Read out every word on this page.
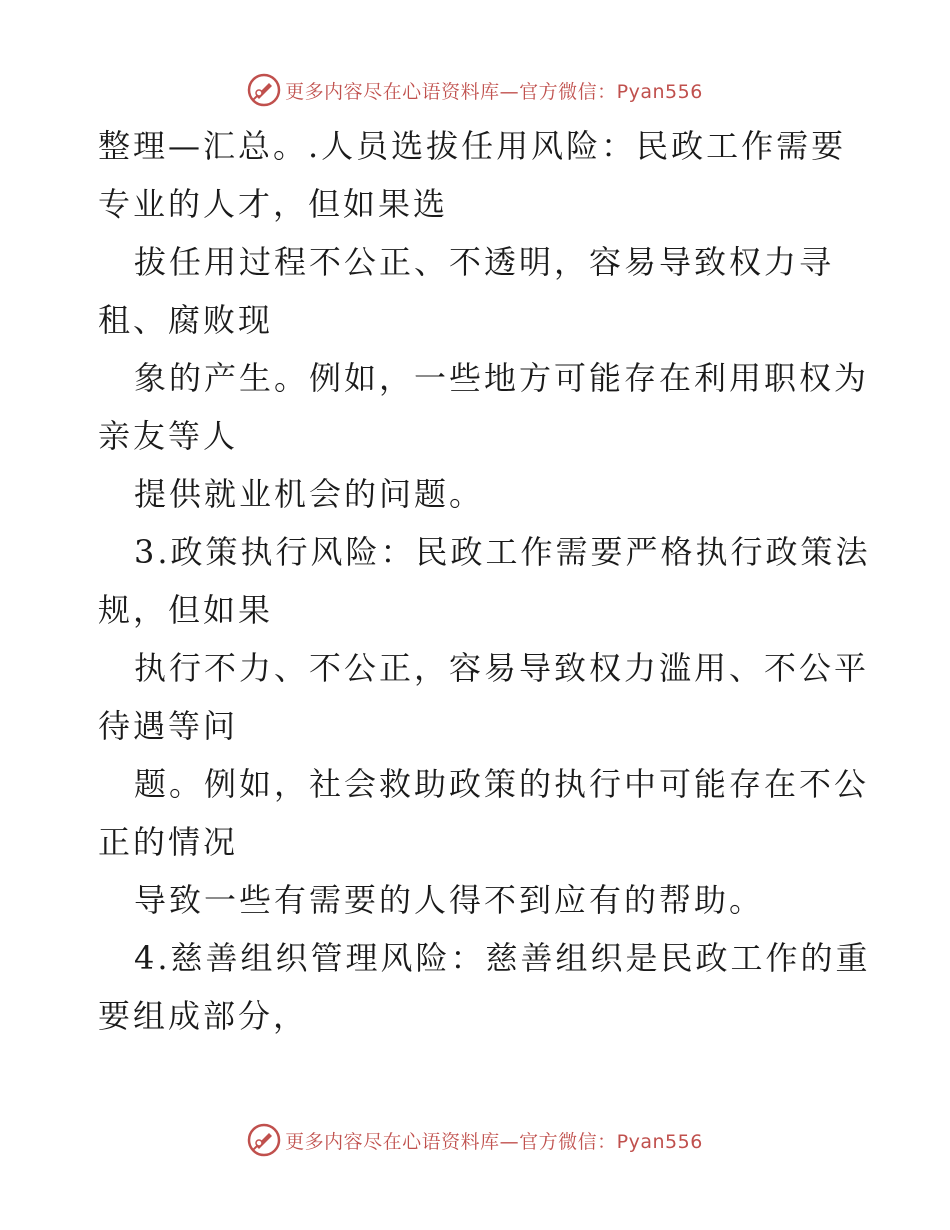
更多内容尽在心语资料库—官方微信：Pyan556
整理—汇总。.人员选拔任用风险：民政工作需要
专业的人才，但如果选
拔任用过程不公正、不透明，容易导致权力寻
租、腐败现
象的产生。例如，一些地方可能存在利用职权为
亲友等人
提供就业机会的问题。
3.政策执行风险：民政工作需要严格执行政策法
规，但如果
执行不力、不公正，容易导致权力滥用、不公平
待遇等问
题。例如，社会救助政策的执行中可能存在不公
正的情况
导致一些有需要的人得不到应有的帮助。
4.慈善组织管理风险：慈善组织是民政工作的重
要组成部分，
更多内容尽在心语资料库—官方微信：Pyan556
